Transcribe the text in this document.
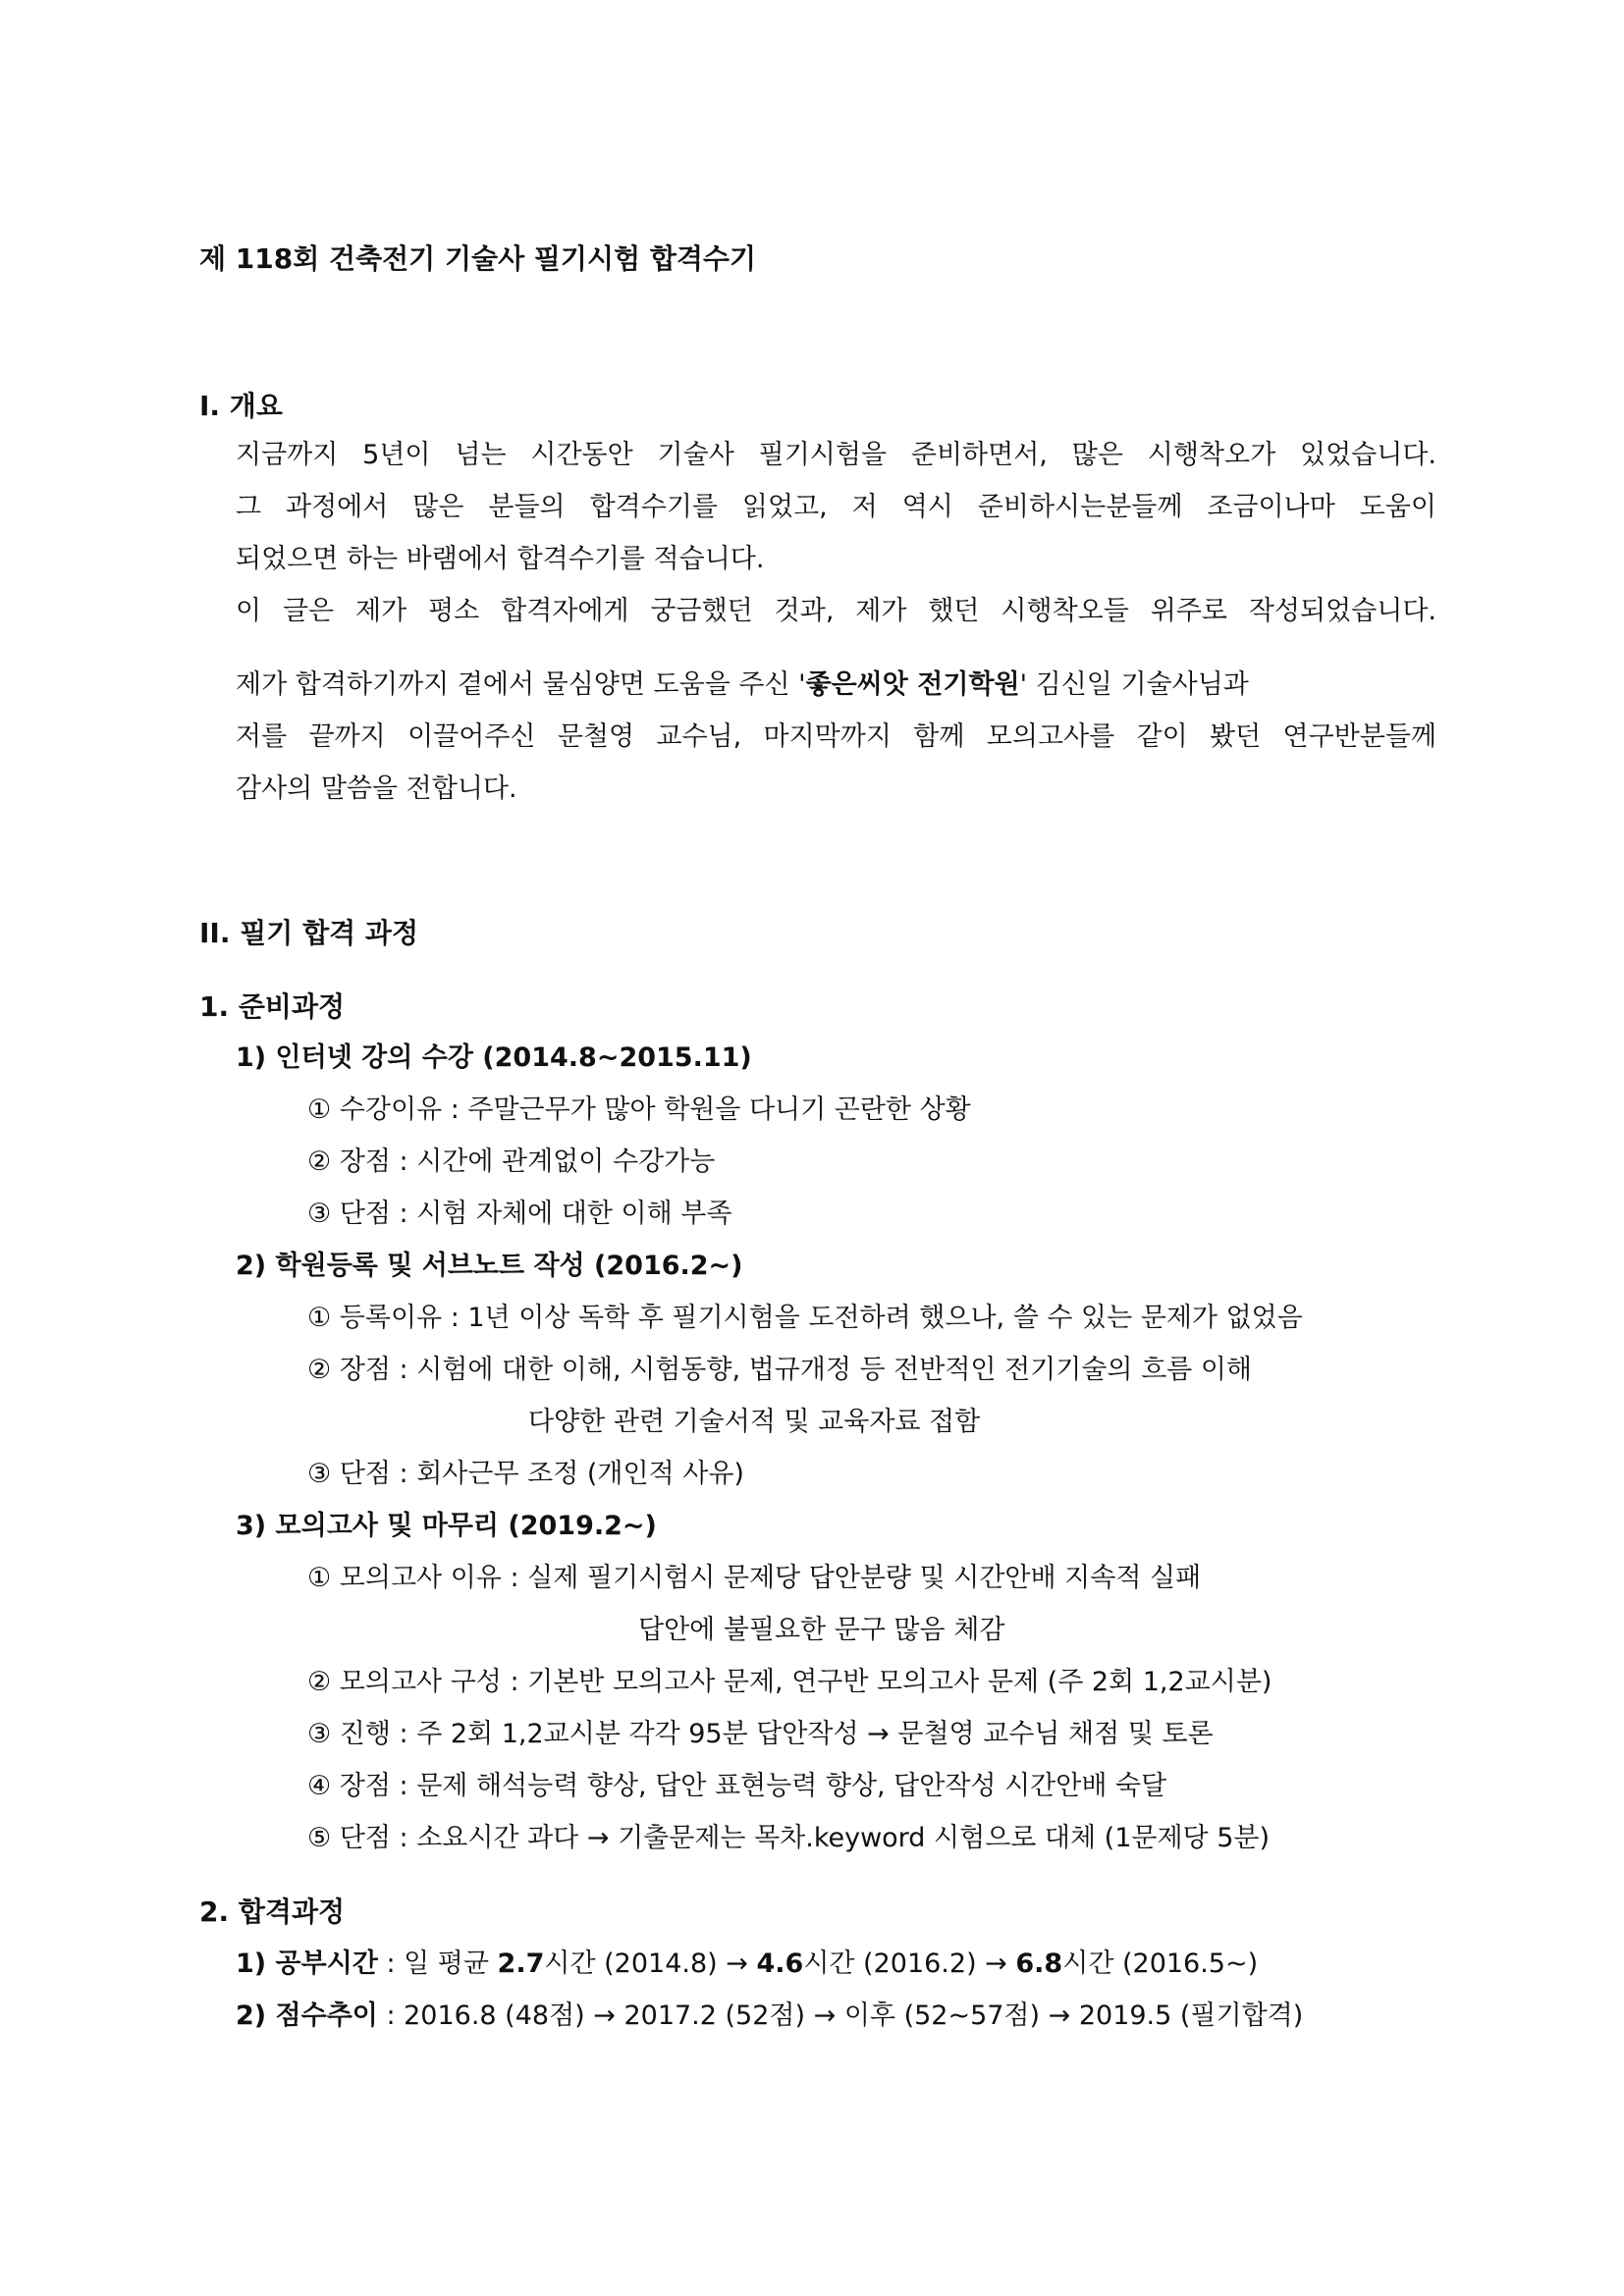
제 118회 건축전기 기술사 필기시험 합격수기
I. 개요
지금까지 5년이 넘는 시간동안 기술사 필기시험을 준비하면서, 많은 시행착오가 있었습니다.
그 과정에서 많은 분들의 합격수기를 읽었고, 저 역시 준비하시는분들께 조금이나마 도움이
되었으면 하는 바램에서 합격수기를 적습니다.
이 글은 제가 평소 합격자에게 궁금했던 것과, 제가 했던 시행착오들 위주로 작성되었습니다.
제가 합격하기까지 곁에서 물심양면 도움을 주신 '좋은씨앗 전기학원' 김신일 기술사님과
저를 끝까지 이끌어주신 문철영 교수님, 마지막까지 함께 모의고사를 같이 봤던 연구반분들께
감사의 말씀을 전합니다.
II. 필기 합격 과정
1. 준비과정
1) 인터넷 강의 수강 (2014.8~2015.11)
① 수강이유 : 주말근무가 많아 학원을 다니기 곤란한 상황
② 장점 : 시간에 관계없이 수강가능
③ 단점 : 시험 자체에 대한 이해 부족
2) 학원등록 및 서브노트 작성 (2016.2~)
① 등록이유 : 1년 이상 독학 후 필기시험을 도전하려 했으나, 쓸 수 있는 문제가 없었음
② 장점 : 시험에 대한 이해, 시험동향, 법규개정 등 전반적인 전기기술의 흐름 이해
다양한 관련 기술서적 및 교육자료 접함
③ 단점 : 회사근무 조정 (개인적 사유)
3) 모의고사 및 마무리 (2019.2~)
① 모의고사 이유 : 실제 필기시험시 문제당 답안분량 및 시간안배 지속적 실패
답안에 불필요한 문구 많음 체감
② 모의고사 구성 : 기본반 모의고사 문제, 연구반 모의고사 문제 (주 2회 1,2교시분)
③ 진행 : 주 2회 1,2교시분 각각 95분 답안작성 → 문철영 교수님 채점 및 토론
④ 장점 : 문제 해석능력 향상, 답안 표현능력 향상, 답안작성 시간안배 숙달
⑤ 단점 : 소요시간 과다 → 기출문제는 목차.keyword 시험으로 대체 (1문제당 5분)
2. 합격과정
1) 공부시간 : 일 평균 2.7시간 (2014.8) → 4.6시간 (2016.2) → 6.8시간 (2016.5~)
2) 점수추이 : 2016.8 (48점) → 2017.2 (52점) → 이후 (52~57점) → 2019.5 (필기합격)
